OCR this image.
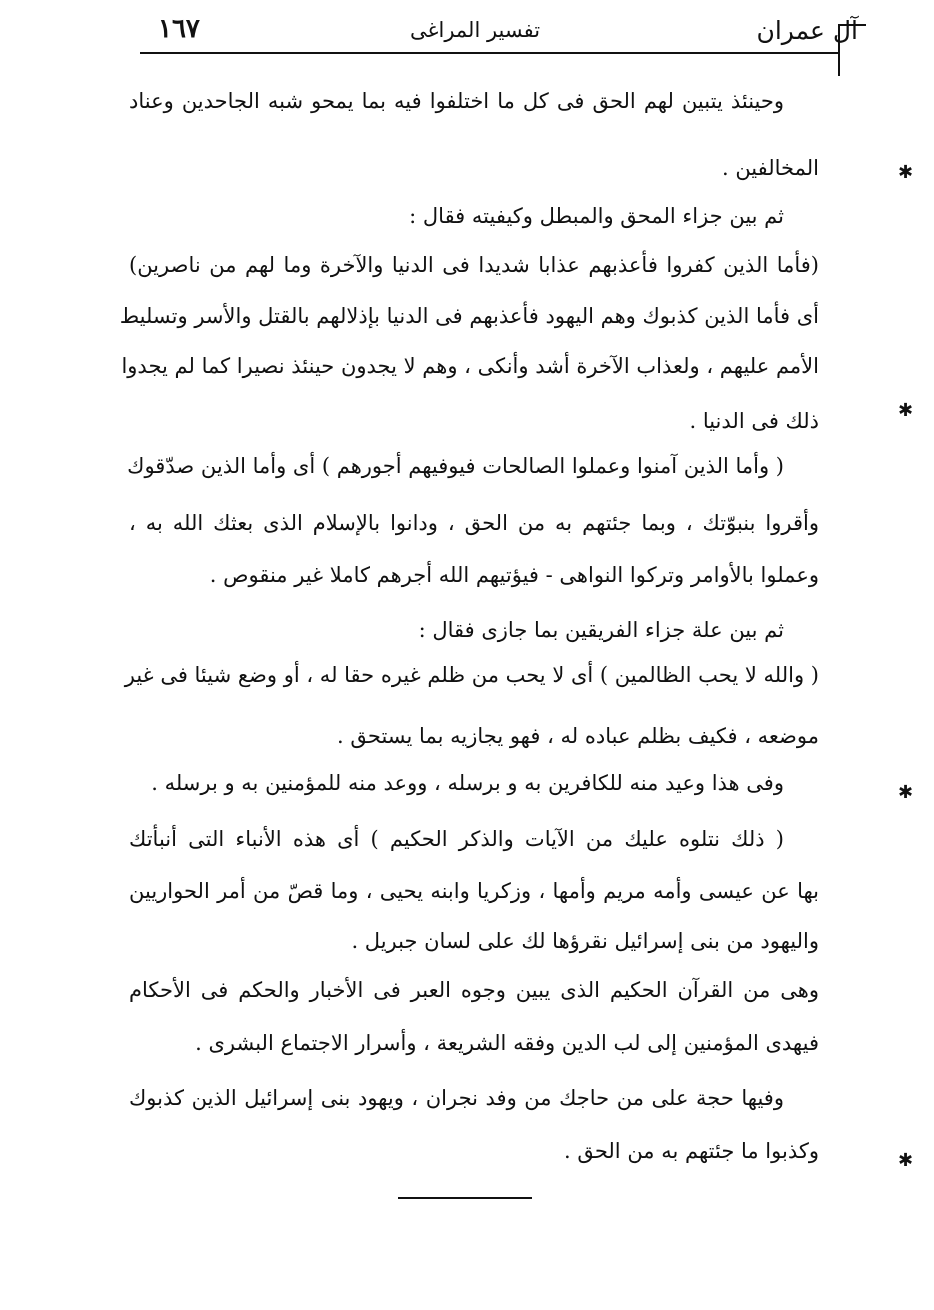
١٦٧	تفسير المراغى	آل عمران
وحينئذ يتبين لهم الحق فى كل ما اختلفوا فيه بما يمحو شبه الجاحدين وعناد
المخالفين .
ثم بين جزاء المحق والمبطل وكيفيته فقال :
(فأما الذين كفروا فأعذبهم عذابا شديدا فى الدنيا والآخرة وما لهم من ناصرين)
أى فأما الذين كذبوك وهم اليهود فأعذبهم فى الدنيا بإذلالهم بالقتل والأسر وتسليط
الأمم عليهم ، ولعذاب الآخرة أشد وأنكى ، وهم لا يجدون حينئذ نصيرا كما لم يجدوا
ذلك فى الدنيا .
( وأما الذين آمنوا وعملوا الصالحات فيوفيهم أجورهم ) أى وأما الذين صدّقوك
وأقروا بنبوّتك ، وبما جئتهم به من الحق ، ودانوا بالإسلام الذى بعثك الله به ،
وعملوا بالأوامر وتركوا النواهى - فيؤتيهم الله أجرهم كاملا غير منقوص .
ثم بين علة جزاء الفريقين بما جازى فقال :
( والله لا يحب الظالمين ) أى لا يحب من ظلم غيره حقا له ، أو وضع شيئا فى غير
موضعه ، فكيف بظلم عباده له ، فهو يجازيه بما يستحق .
وفى هذا وعيد منه للكافرين به و برسله ، ووعد منه للمؤمنين به و برسله .
( ذلك نتلوه عليك من الآيات والذكر الحكيم ) أى هذه الأنباء التى أنبأتك
بها عن عيسى وأمه مريم وأمها ، وزكريا وابنه يحيى ، وما قصّ من أمر الحواريين
واليهود من بنى إسرائيل نقرؤها لك على لسان جبريل .
وهى من القرآن الحكيم الذى يبين وجوه العبر فى الأخبار والحكم فى الأحكام
فيهدى المؤمنين إلى لب الدين وفقه الشريعة ، وأسرار الاجتماع البشرى .
وفيها حجة على من حاجك من وفد نجران ، ويهود بنى إسرائيل الذين كذبوك
وكذبوا ما جئتهم به من الحق .
✱
✱
✱
✱
